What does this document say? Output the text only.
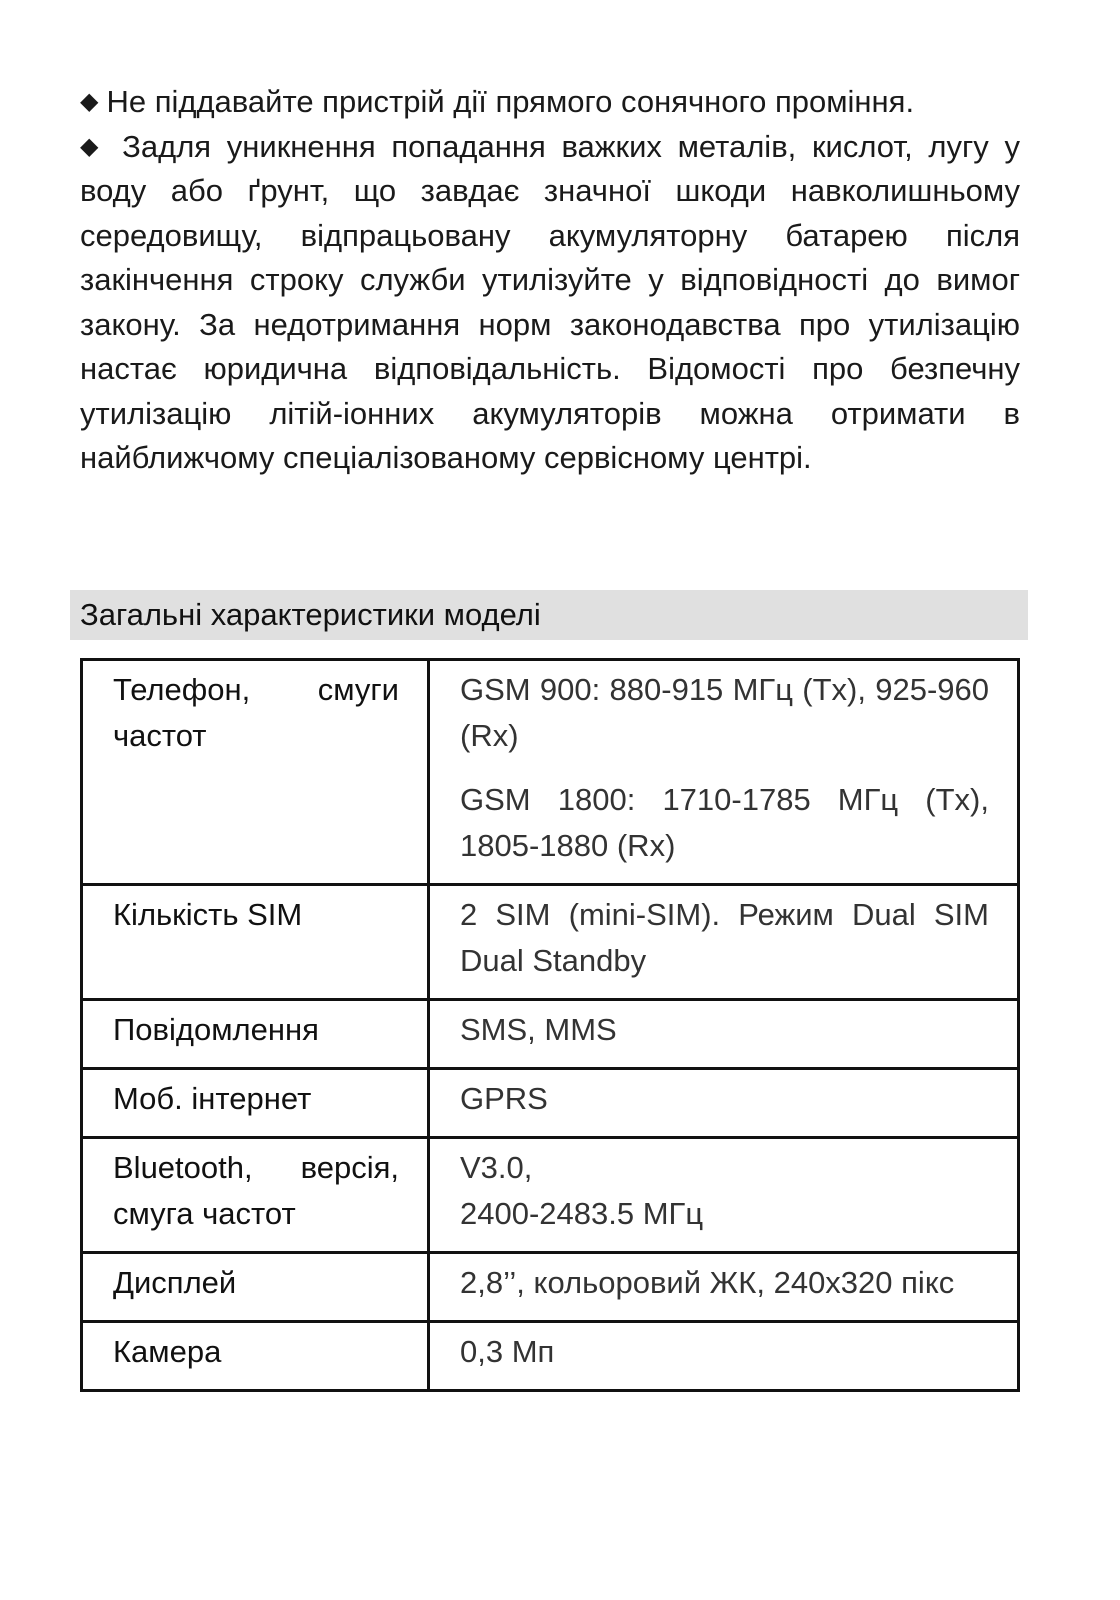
◆ Не піддавайте пристрій дії прямого сонячного проміння.

◆ Задля уникнення попадання важких металів, кислот, лугу у воду або ґрунт, що завдає значної шкоди навколишньому середовищу, відпрацьовану акумуляторну батарею після закінчення строку служби утилізуйте у відповідності до вимог закону. За недотримання норм законодавства про утилізацію настає юридична відповідальність. Відомості про безпечну утилізацію літій-іонних акумуляторів можна отримати в найближчому спеціалізованому сервісному центрі.

Загальні характеристики моделі
Телефон, смуги частот	GSM 900: 880-915 МГц (Tx), 925-960 (Rx)

GSM 1800: 1710-1785 МГц (Tx), 1805-1880 (Rx)

Кількість SIM	2 SIM (mini-SIM). Режим Dual SIM Dual Standby

Повідомлення	SMS, MMS

Моб. інтернет	GPRS

Bluetooth, версія, смуга частот	V3.0,
2400-2483.5 МГц

Дисплей	2,8’’, кольоровий ЖК, 240x320 пікс

Камера	0,3 Мп
